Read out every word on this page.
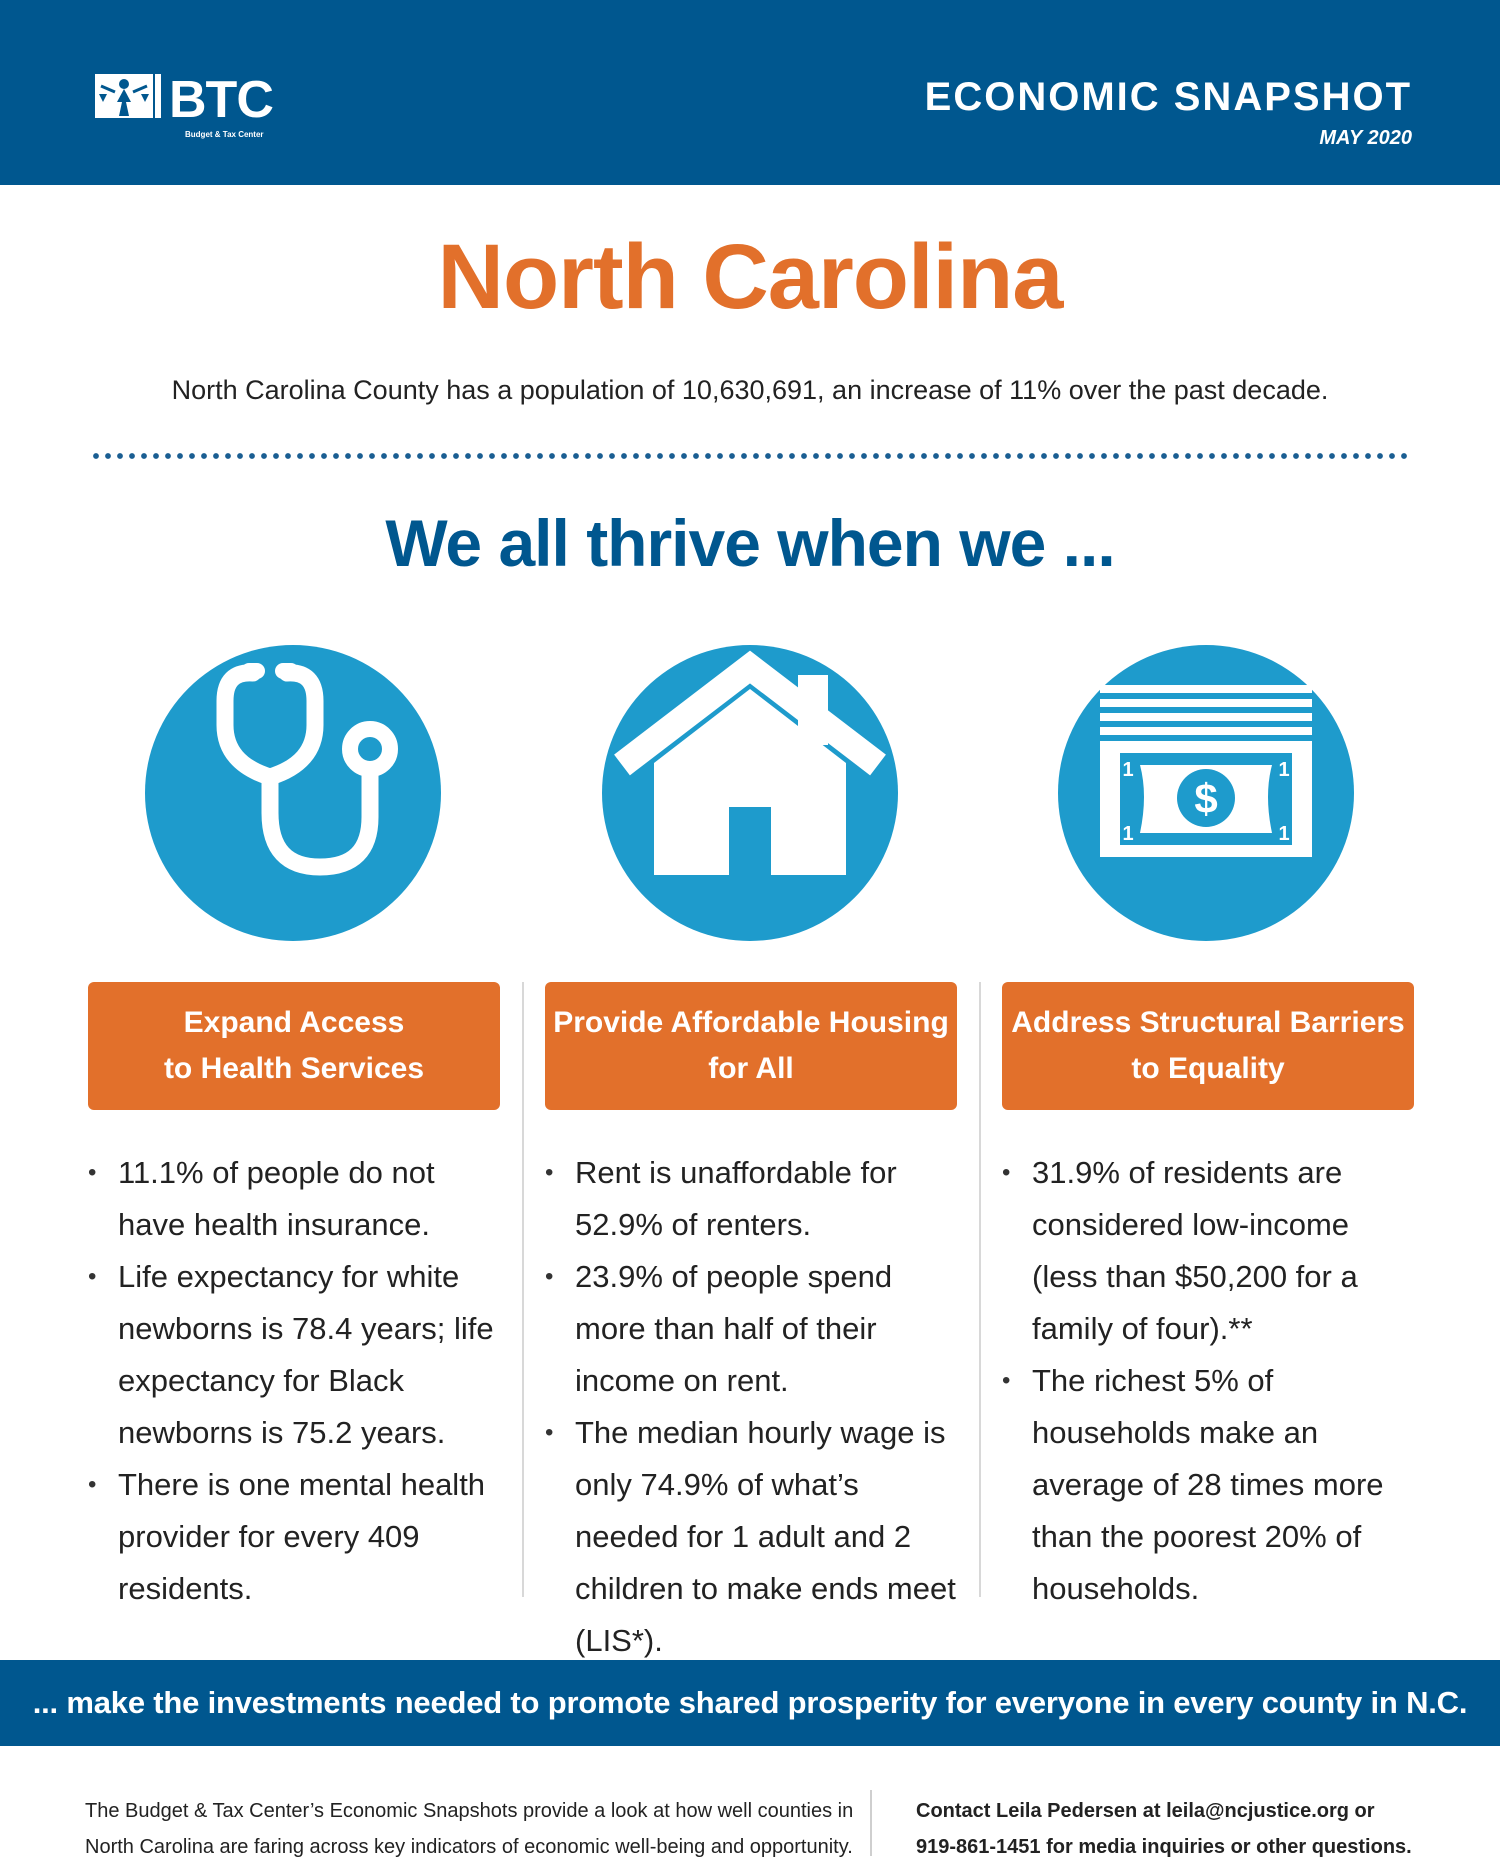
BTC
Budget & Tax Center
ECONOMIC SNAPSHOT
MAY 2020
North Carolina
North Carolina County has a population of 10,630,691, an increase of 11% over the past decade.
We all thrive when we ...
$
1	1
1	1
Expand Access
to Health Services
Provide Affordable Housing
for All
Address Structural Barriers
to Equality
• 11.1% of people do not have health insurance.
• Life expectancy for white newborns is 78.4 years; life expectancy for Black newborns is 75.2 years.
• There is one mental health provider for every 409 residents.
• Rent is unaffordable for 52.9% of renters.
• 23.9% of people spend more than half of their income on rent.
• The median hourly wage is only 74.9% of what’s needed for 1 adult and 2 children to make ends meet (LIS*).
• 31.9% of residents are considered low-income (less than $50,200 for a family of four).**
• The richest 5% of households make an average of 28 times more than the poorest 20% of households.
... make the investments needed to promote shared prosperity for everyone in every county in N.C.
The Budget & Tax Center’s Economic Snapshots provide a look at how well counties in
North Carolina are faring across key indicators of economic well-being and opportunity.
Contact Leila Pedersen at leila@ncjustice.org or
919-861-1451 for media inquiries or other questions.
